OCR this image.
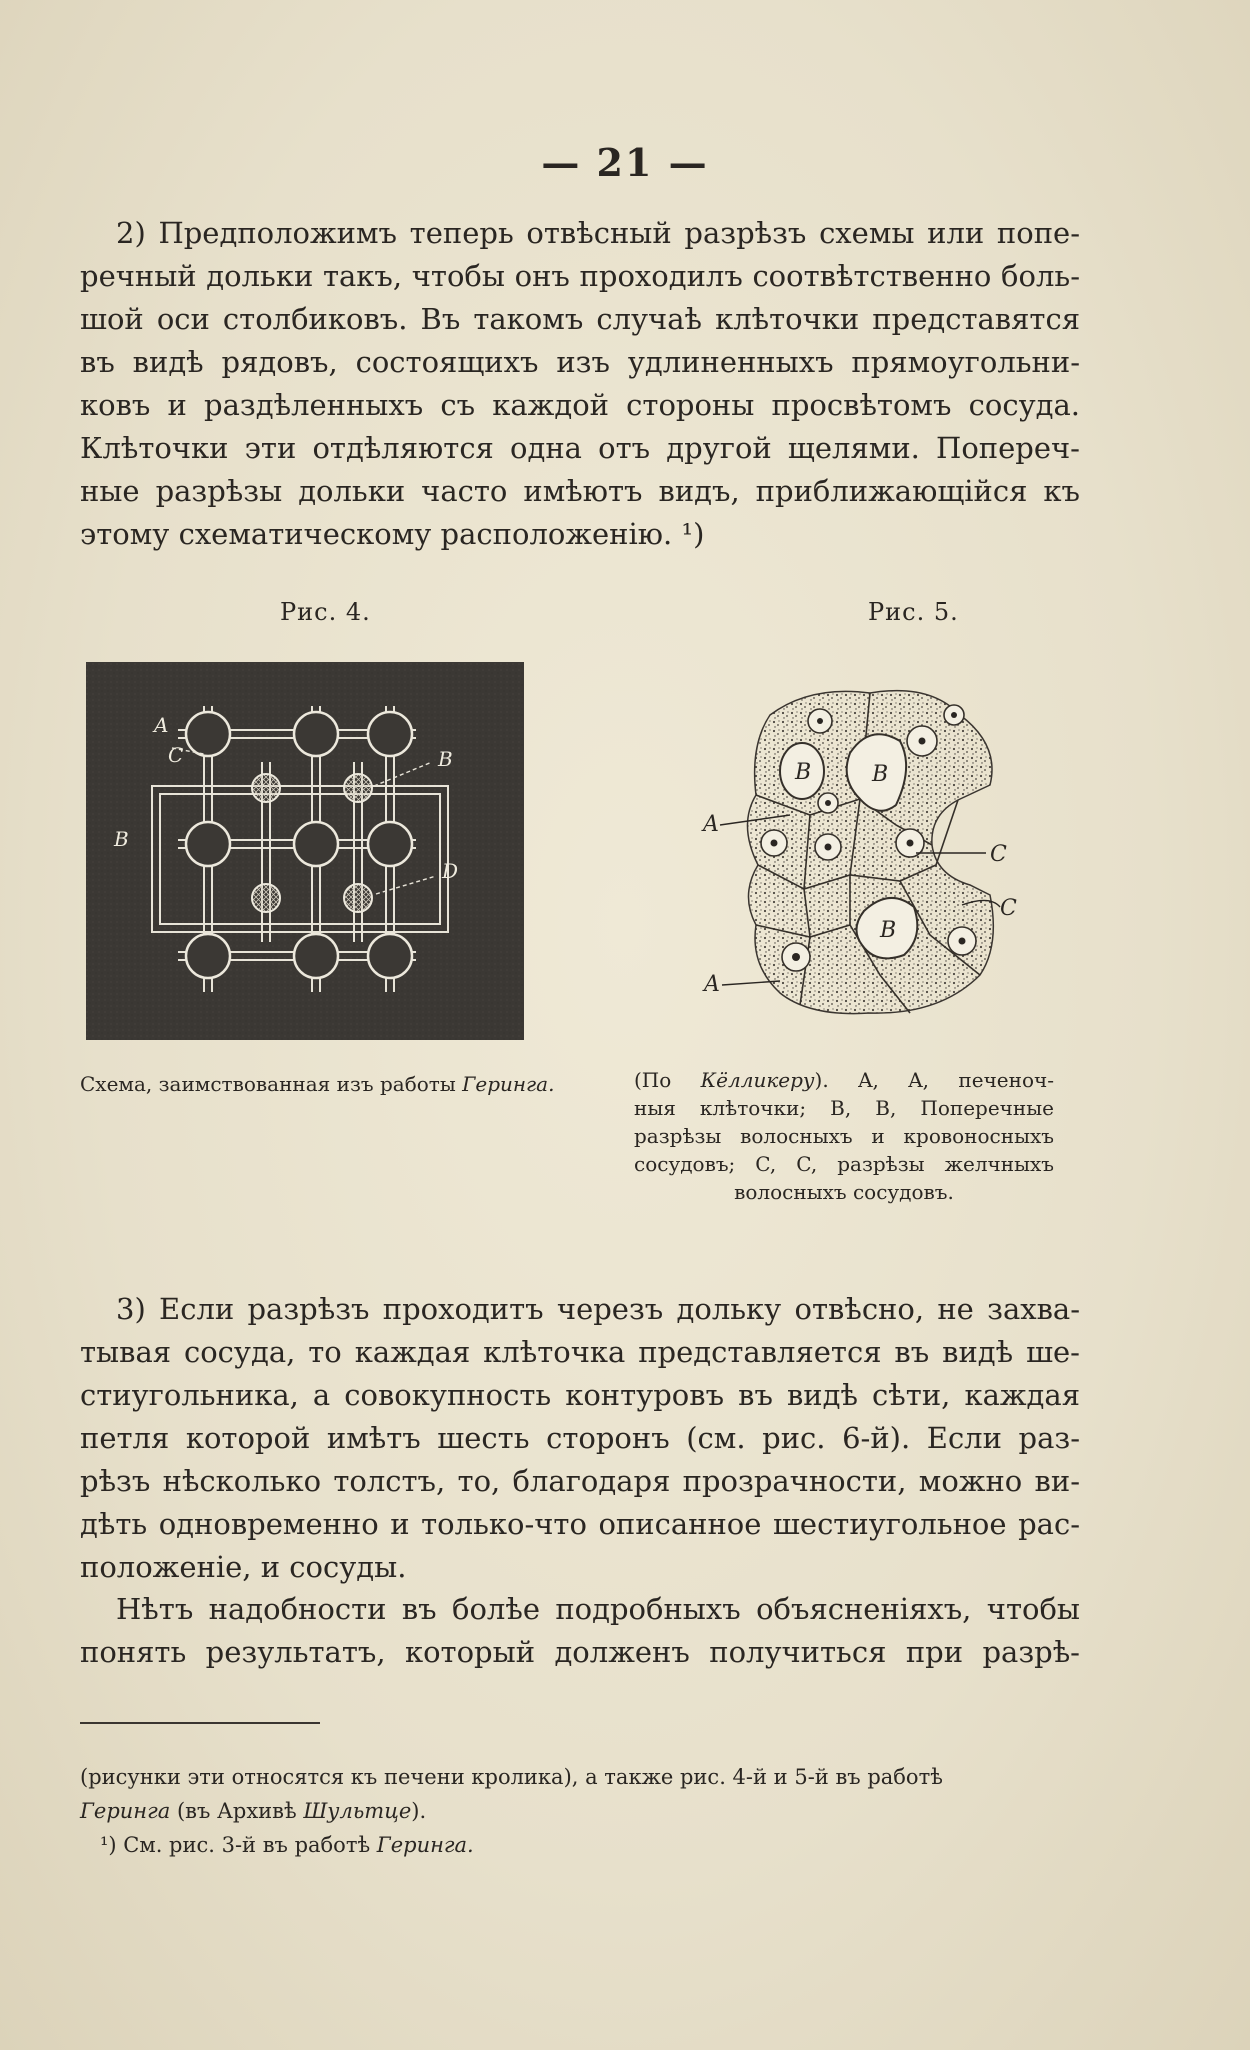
— 21 —
2) Предположимъ теперь отвѣсный разрѣзъ схемы или попе-
речный дольки такъ, чтобы онъ проходилъ соотвѣтственно боль-
шой оси столбиковъ. Въ такомъ случаѣ клѣточки представятся
въ видѣ рядовъ, состоящихъ изъ удлиненныхъ прямоугольни-
ковъ и раздѣленныхъ съ каждой стороны просвѣтомъ сосуда.
Клѣточки эти отдѣляются одна отъ другой щелями. Попереч-
ные разрѣзы дольки часто имѣютъ видъ, приближающійся къ
этому схематическому расположенію. ¹)
Рис. 4.	Рис. 5.
A
C
B
B
D
A
A
B	B
B
C
C
Схема, заимствованная изъ работы Геринга.	(По Кёлликеру). A, A, печеноч-
ныя клѣточки; B, B, Поперечные
разрѣзы волосныхъ и кровоносныхъ
сосудовъ; C, C, разрѣзы желчныхъ
волосныхъ сосудовъ.
3) Если разрѣзъ проходитъ черезъ дольку отвѣсно, не захва-
тывая сосуда, то каждая клѣточка представляется въ видѣ ше-
стиугольника, а совокупность контуровъ въ видѣ сѣти, каждая
петля которой имѣтъ шесть сторонъ (см. рис. 6-й). Если раз-
рѣзъ нѣсколько толстъ, то, благодаря прозрачности, можно ви-
дѣть одновременно и только-что описанное шестиугольное рас-
положеніе, и сосуды.
Нѣтъ надобности въ болѣе подробныхъ объясненіяхъ, чтобы
понять результатъ, который долженъ получиться при разрѣ-
(рисунки эти относятся къ печени кролика), а также рис. 4-й и 5-й въ работѣ
Геринга (въ Архивѣ Шультце).
¹) См. рис. 3-й въ работѣ Геринга.
